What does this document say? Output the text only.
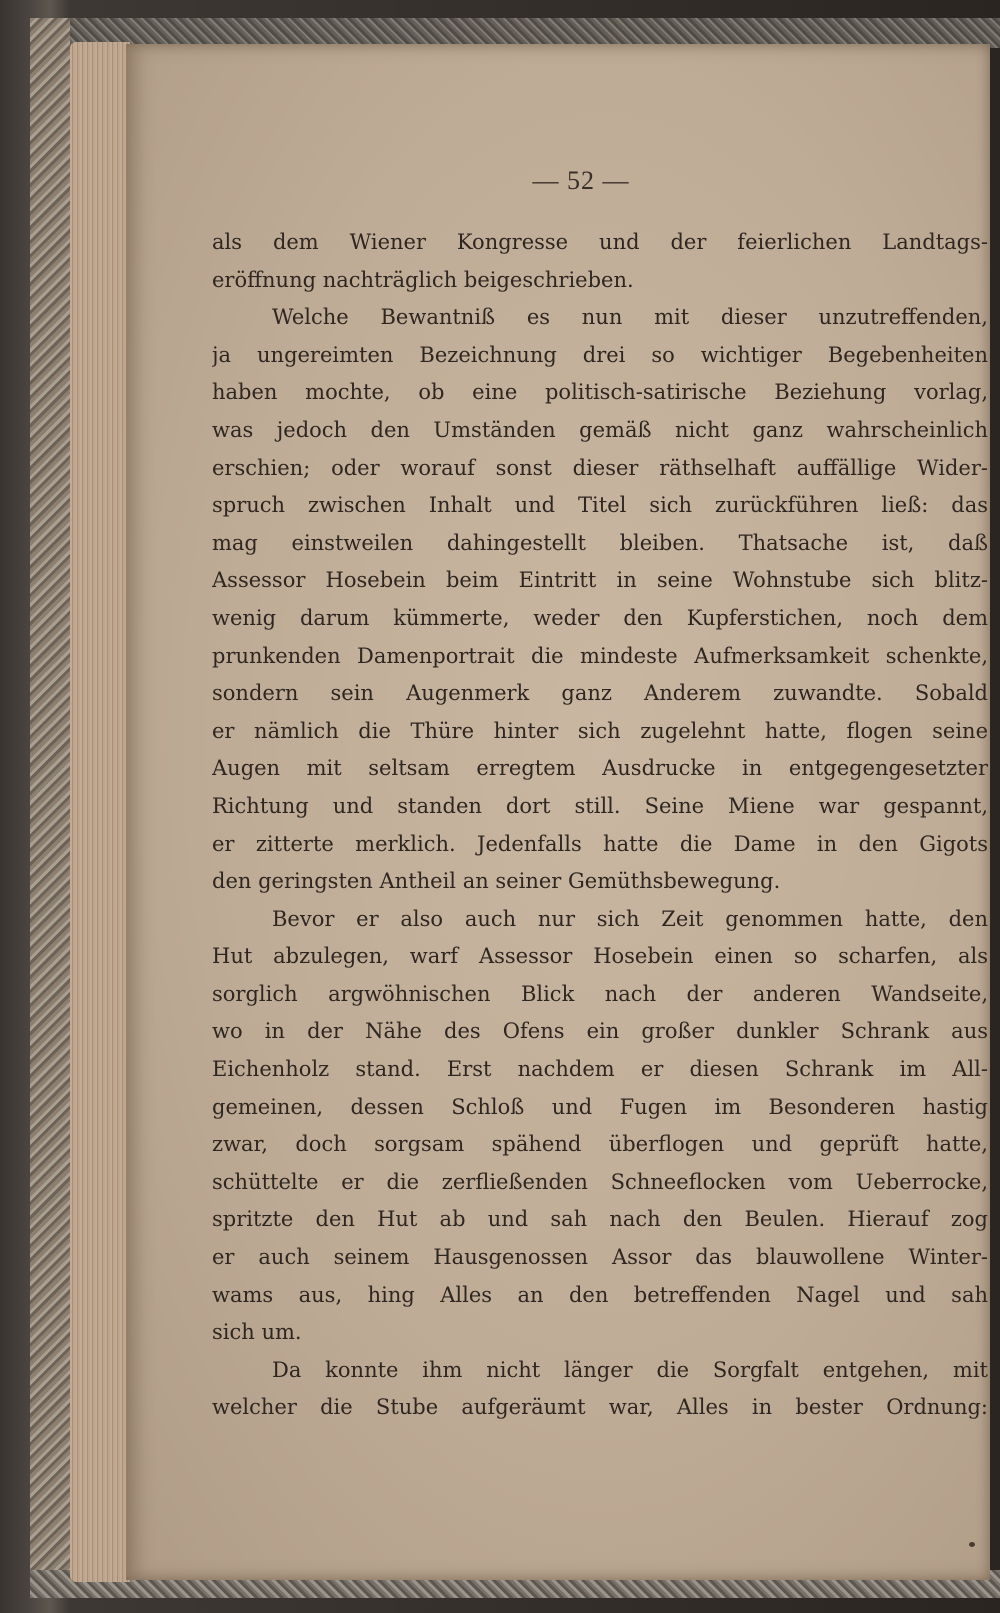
— 52 —
als dem Wiener Kongresse und der feierlichen Landtags-
eröffnung nachträglich beigeschrieben.
Welche Bewantniß es nun mit dieser unzutreffenden,
ja ungereimten Bezeichnung drei so wichtiger Begebenheiten
haben mochte, ob eine politisch-satirische Beziehung vorlag,
was jedoch den Umständen gemäß nicht ganz wahrscheinlich
erschien; oder worauf sonst dieser räthselhaft auffällige Wider-
spruch zwischen Inhalt und Titel sich zurückführen ließ: das
mag einstweilen dahingestellt bleiben. Thatsache ist, daß
Assessor Hosebein beim Eintritt in seine Wohnstube sich blitz-
wenig darum kümmerte, weder den Kupferstichen, noch dem
prunkenden Damenportrait die mindeste Aufmerksamkeit schenkte,
sondern sein Augenmerk ganz Anderem zuwandte. Sobald
er nämlich die Thüre hinter sich zugelehnt hatte, flogen seine
Augen mit seltsam erregtem Ausdrucke in entgegengesetzter
Richtung und standen dort still. Seine Miene war gespannt,
er zitterte merklich. Jedenfalls hatte die Dame in den Gigots
den geringsten Antheil an seiner Gemüthsbewegung.
Bevor er also auch nur sich Zeit genommen hatte, den
Hut abzulegen, warf Assessor Hosebein einen so scharfen, als
sorglich argwöhnischen Blick nach der anderen Wandseite,
wo in der Nähe des Ofens ein großer dunkler Schrank aus
Eichenholz stand. Erst nachdem er diesen Schrank im All-
gemeinen, dessen Schloß und Fugen im Besonderen hastig
zwar, doch sorgsam spähend überflogen und geprüft hatte,
schüttelte er die zerfließenden Schneeflocken vom Ueberrocke,
spritzte den Hut ab und sah nach den Beulen. Hierauf zog
er auch seinem Hausgenossen Assor das blauwollene Winter-
wams aus, hing Alles an den betreffenden Nagel und sah
sich um.
Da konnte ihm nicht länger die Sorgfalt entgehen, mit
welcher die Stube aufgeräumt war, Alles in bester Ordnung:
